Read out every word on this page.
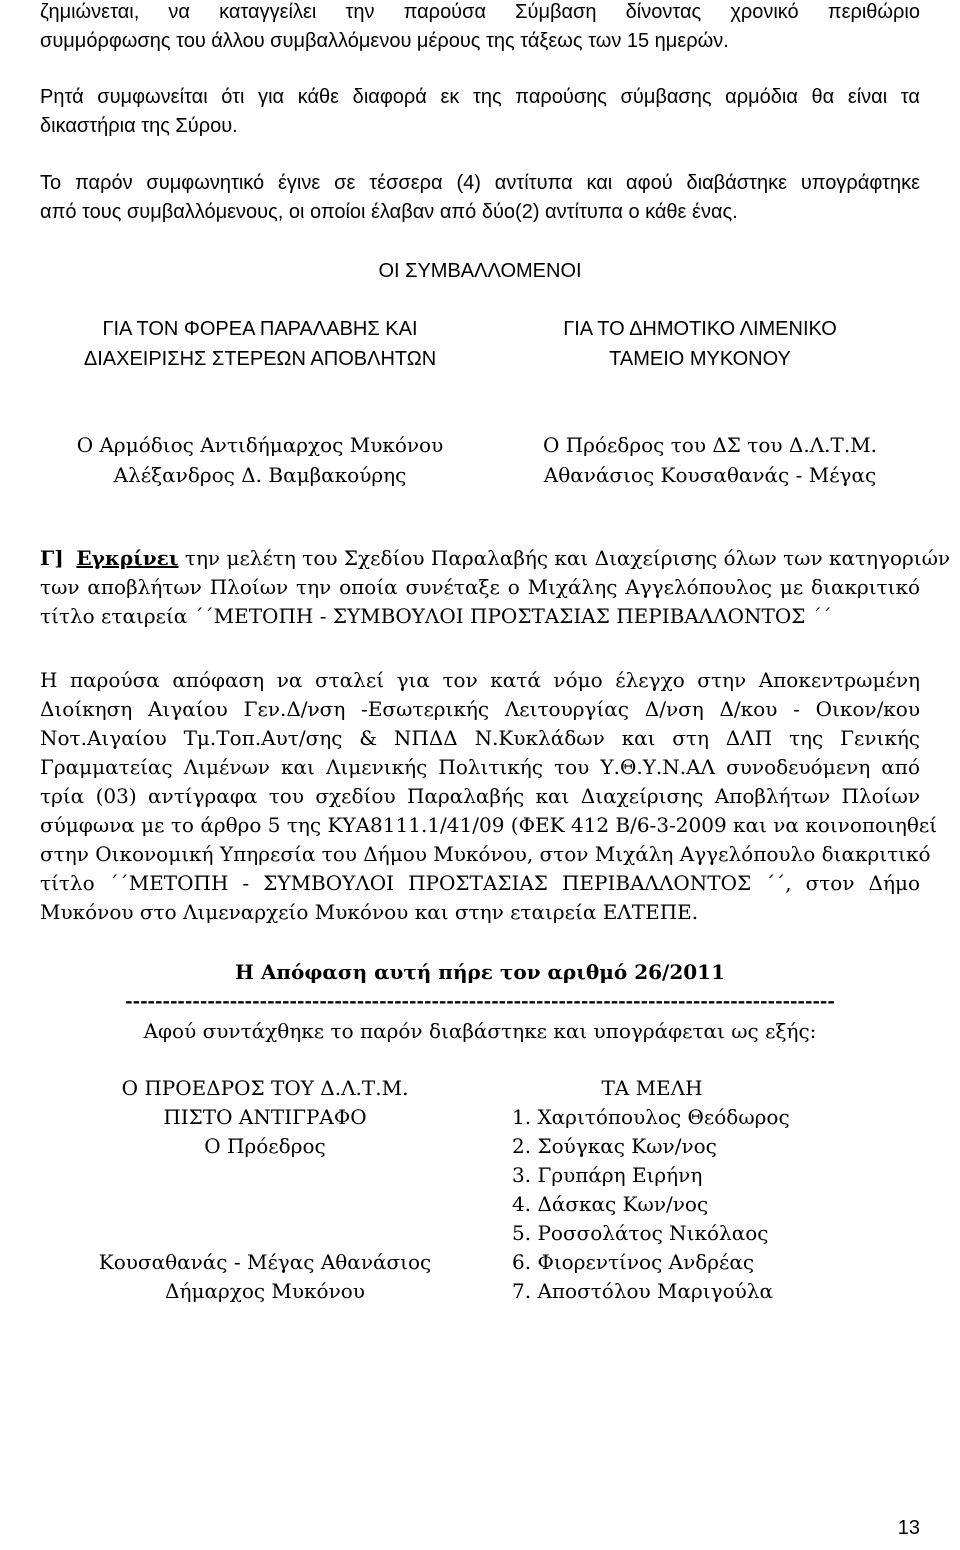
ζημιώνεται, να καταγγείλει την παρούσα Σύμβαση δίνοντας χρονικό περιθώριο
συμμόρφωσης του άλλου συμβαλλόμενου μέρους της τάξεως των 15 ημερών.
Ρητά συμφωνείται ότι για κάθε διαφορά εκ της παρούσης σύμβασης αρμόδια θα είναι τα
δικαστήρια της Σύρου.
Το παρόν συμφωνητικό έγινε σε τέσσερα (4) αντίτυπα και αφού διαβάστηκε υπογράφτηκε
από τους συμβαλλόμενους, οι οποίοι έλαβαν από δύο(2) αντίτυπα ο κάθε ένας.
ΟΙ ΣΥΜΒΑΛΛΟΜΕΝΟΙ
ΓΙΑ ΤΟΝ ΦΟΡΕΑ ΠΑΡΑΛΑΒΗΣ ΚΑΙ
ΔΙΑΧΕΙΡΙΣΗΣ ΣΤΕΡΕΩΝ ΑΠΟΒΛΗΤΩΝ
ΓΙΑ ΤΟ ΔΗΜΟΤΙΚΟ ΛΙΜΕΝΙΚΟ
ΤΑΜΕΙΟ ΜΥΚΟΝΟΥ
Ο Αρμόδιος Αντιδήμαρχος Μυκόνου
Αλέξανδρος Δ. Βαμβακούρης
Ο Πρόεδρος του ΔΣ του Δ.Λ.Τ.Μ.
Αθανάσιος Κουσαθανάς - Μέγας
Γ] Εγκρίνει την μελέτη του Σχεδίου Παραλαβής και Διαχείρισης όλων των κατηγοριών
των αποβλήτων Πλοίων την οποία συνέταξε ο Μιχάλης Αγγελόπουλος με διακριτικό
τίτλο εταιρεία ΄΄ΜΕΤΟΠΗ - ΣΥΜΒΟΥΛΟΙ ΠΡΟΣΤΑΣΙΑΣ ΠΕΡΙΒΑΛΛΟΝΤΟΣ ΄΄
Η παρούσα απόφαση να σταλεί για τον κατά νόμο έλεγχο στην Αποκεντρωμένη
Διοίκηση Αιγαίου Γεν.Δ/νση -Εσωτερικής Λειτουργίας Δ/νση Δ/κου - Οικον/κου
Νοτ.Αιγαίου Τμ.Τοπ.Αυτ/σης & ΝΠΔΔ Ν.Κυκλάδων και στη ΔΛΠ της Γενικής
Γραμματείας Λιμένων και Λιμενικής Πολιτικής του Υ.Θ.Υ.Ν.ΑΛ συνοδευόμενη από
τρία (03) αντίγραφα του σχεδίου Παραλαβής και Διαχείρισης Αποβλήτων Πλοίων
σύμφωνα με το άρθρο 5 της ΚΥΑ8111.1/41/09 (ΦΕΚ 412 Β/6-3-2009 και να κοινοποιηθεί
στην Οικονομική Υπηρεσία του Δήμου Μυκόνου, στον Μιχάλη Αγγελόπουλο διακριτικό
τίτλο ΄΄ΜΕΤΟΠΗ - ΣΥΜΒΟΥΛΟΙ ΠΡΟΣΤΑΣΙΑΣ ΠΕΡΙΒΑΛΛΟΝΤΟΣ ΄΄, στον Δήμο
Μυκόνου στο Λιμεναρχείο Μυκόνου και στην εταιρεία ΕΛΤΕΠΕ.
Η Απόφαση αυτή πήρε τον αριθμό 26/2011
-----------------------------------------------------------------------------------------------
Αφού συντάχθηκε το παρόν διαβάστηκε και υπογράφεται ως εξής:
Ο ΠΡΟΕΔΡΟΣ ΤΟΥ Δ.Λ.Τ.Μ.
ΠΙΣΤΟ ΑΝΤΙΓΡΑΦΟ
Ο Πρόεδρος
Κουσαθανάς - Μέγας Αθανάσιος
Δήμαρχος Μυκόνου
ΤΑ ΜΕΛΗ
1. Χαριτόπουλος Θεόδωρος
2. Σούγκας Κων/νος
3. Γρυπάρη Ειρήνη
4. Δάσκας Κων/νος
5. Ροσσολάτος Νικόλαος
6. Φιορεντίνος Ανδρέας
7. Αποστόλου Μαριγούλα
13
